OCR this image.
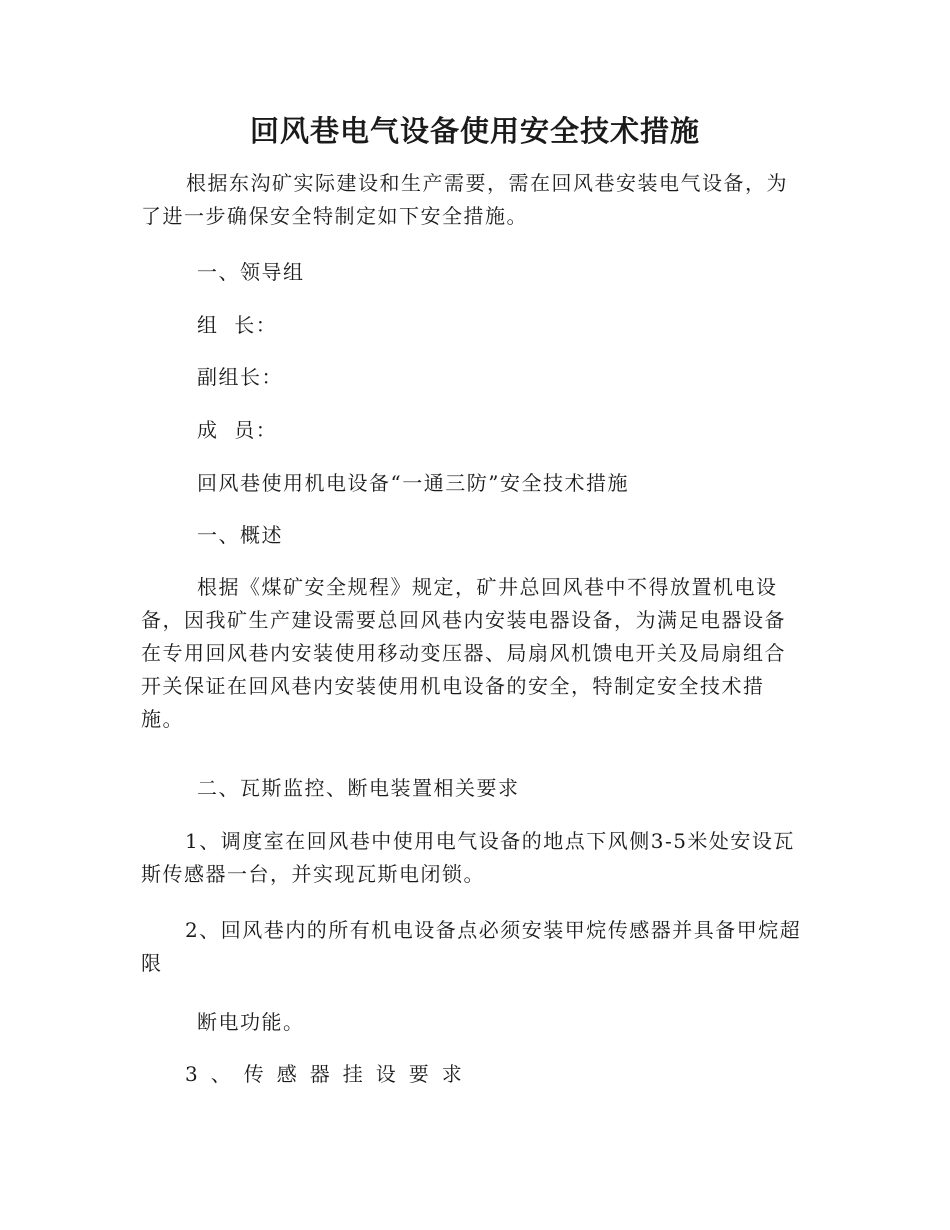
回风巷电气设备使用安全技术措施

根据东沟矿实际建设和生产需要，需在回风巷安装电气设备，为
了进一步确保安全特制定如下安全措施。

一、领导组

组  长：

副组长：

成  员：

回风巷使用机电设备“一通三防”安全技术措施

一、概述

根据《煤矿安全规程》规定，矿井总回风巷中不得放置机电设
备，因我矿生产建设需要总回风巷内安装电器设备，为满足电器设备
在专用回风巷内安装使用移动变压器、局扇风机馈电开关及局扇组合
开关保证在回风巷内安装使用机电设备的安全，特制定安全技术措
施。

二、瓦斯监控、断电装置相关要求

1、调度室在回风巷中使用电气设备的地点下风侧3-5米处安设瓦
斯传感器一台，并实现瓦斯电闭锁。

2、回风巷内的所有机电设备点必须安装甲烷传感器并具备甲烷超
限

断电功能。

3、传感器挂设要求
